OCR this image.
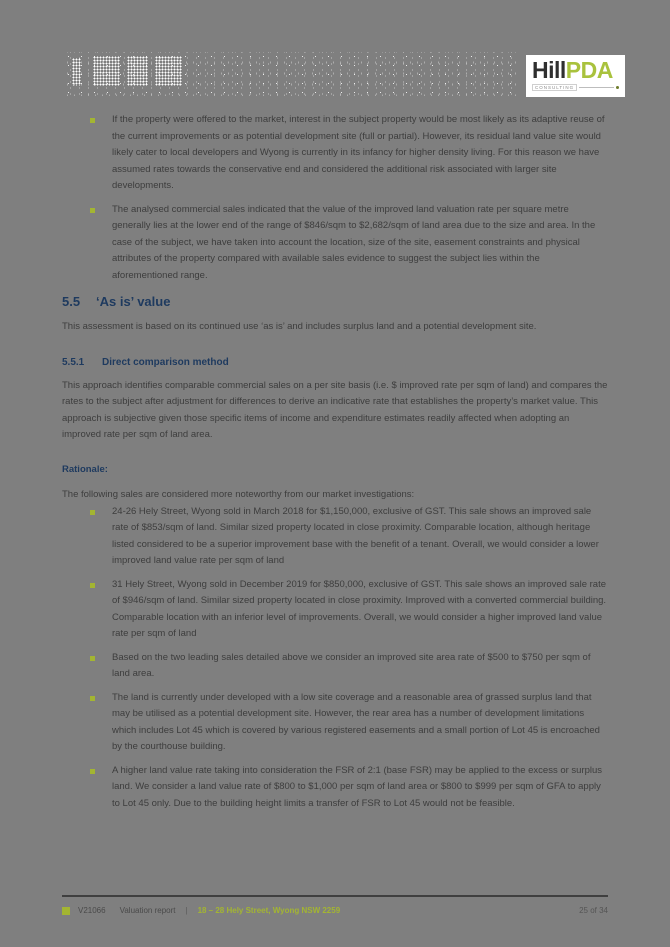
HillPDA
CONSULTING
If the property were offered to the market, interest in the subject property would be most likely as its adaptive reuse of the current improvements or as potential development site (full or partial). However, its residual land value site would likely cater to local developers and Wyong is currently in its infancy for higher density living. For this reason we have assumed rates towards the conservative end and considered the additional risk associated with larger site developments.
The analysed commercial sales indicated that the value of the improved land valuation rate per square metre generally lies at the lower end of the range of $846/sqm to $2,682/sqm of land area due to the size and area. In the case of the subject, we have taken into account the location, size of the site, easement constraints and physical attributes of the property compared with available sales evidence to suggest the subject lies within the aforementioned range.
5.5	‘As is’ value
This assessment is based on its continued use ‘as is’ and includes surplus land and a potential development site.
5.5.1	Direct comparison method
This approach identifies comparable commercial sales on a per site basis (i.e. $ improved rate per sqm of land) and compares the rates to the subject after adjustment for differences to derive an indicative rate that establishes the property’s market value. This approach is subjective given those specific items of income and expenditure estimates readily affected when adopting an improved rate per sqm of land area.
Rationale:
The following sales are considered more noteworthy from our market investigations:
24-26 Hely Street, Wyong sold in March 2018 for $1,150,000, exclusive of GST. This sale shows an improved sale rate of $853/sqm of land. Similar sized property located in close proximity. Comparable location, although heritage listed considered to be a superior improvement base with the benefit of a tenant. Overall, we would consider a lower improved land value rate per sqm of land
31 Hely Street, Wyong sold in December 2019 for $850,000, exclusive of GST. This sale shows an improved sale rate of $946/sqm of land. Similar sized property located in close proximity. Improved with a converted commercial building. Comparable location with an inferior level of improvements. Overall, we would consider a higher improved land value rate per sqm of land
Based on the two leading sales detailed above we consider an improved site area rate of $500 to $750 per sqm of land area.
The land is currently under developed with a low site coverage and a reasonable area of grassed surplus land that may be utilised as a potential development site. However, the rear area has a number of development limitations which includes Lot 45 which is covered by various registered easements and a small portion of Lot 45 is encroached by the courthouse building.
A higher land value rate taking into consideration the FSR of 2:1 (base FSR) may be applied to the excess or surplus land. We consider a land value rate of $800 to $1,000 per sqm of land area or $800 to $999 per sqm of GFA to apply to Lot 45 only. Due to the building height limits a transfer of FSR to Lot 45 would not be feasible.
V21066 Valuation report | 18 – 28 Hely Street, Wyong NSW 2259	25 of 34
